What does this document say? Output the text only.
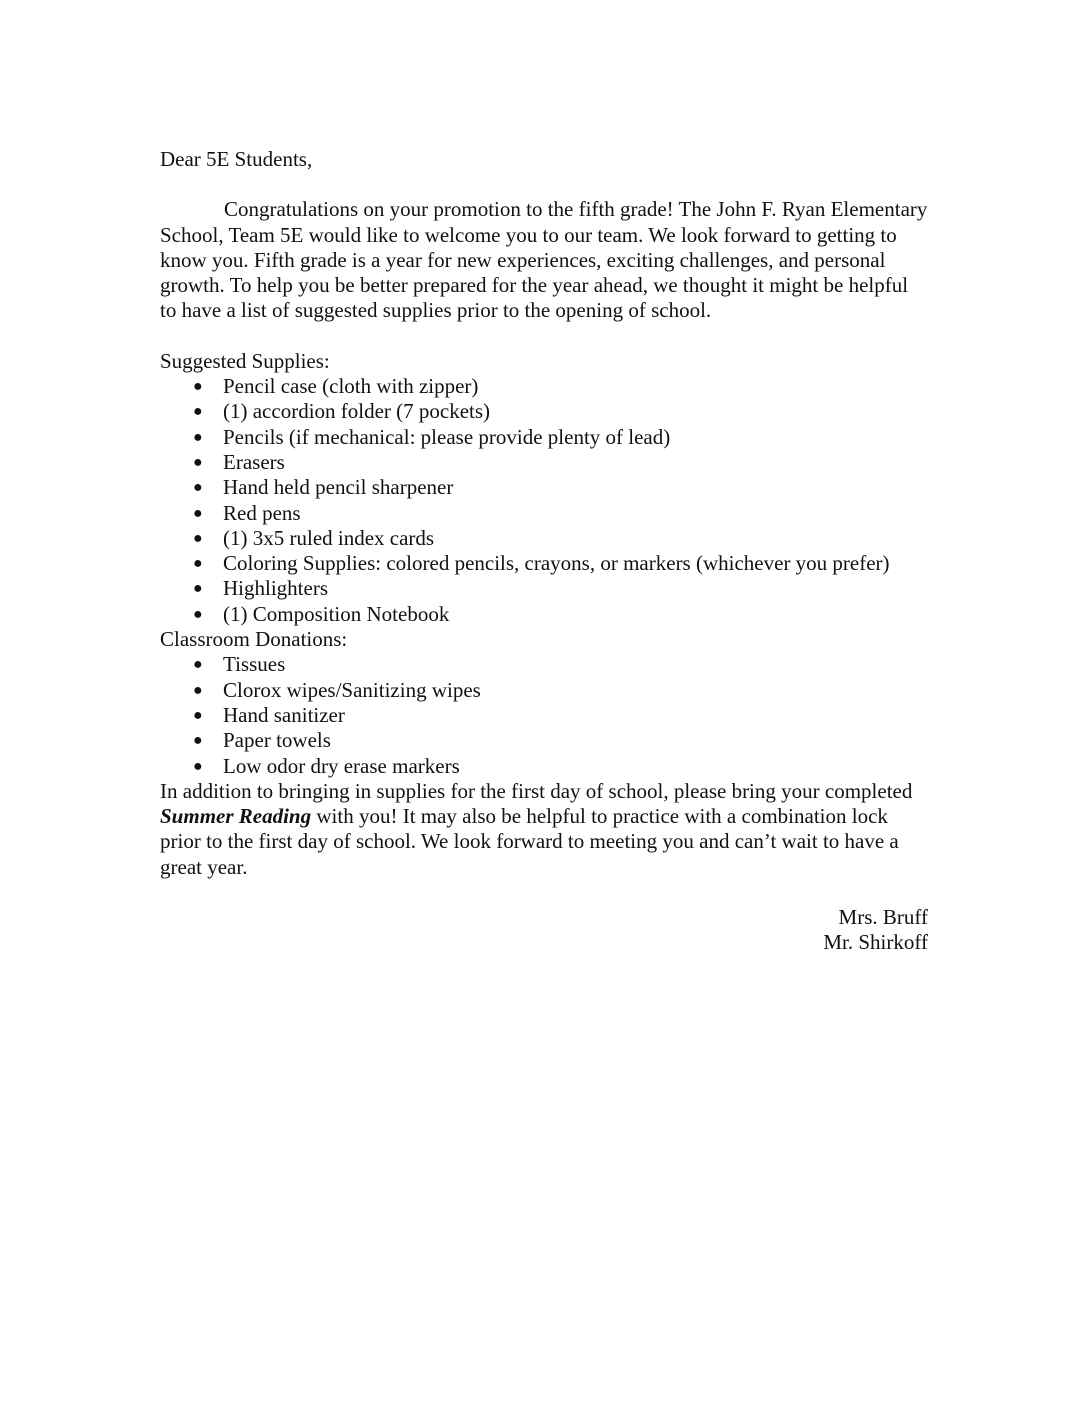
Dear 5E Students,

Congratulations on your promotion to the fifth grade! The John F. Ryan Elementary School, Team 5E would like to welcome you to our team. We look forward to getting to know you. Fifth grade is a year for new experiences, exciting challenges, and personal growth. To help you be better prepared for the year ahead, we thought it might be helpful to have a list of suggested supplies prior to the opening of school.

Suggested Supplies:

● Pencil case (cloth with zipper)
● (1) accordion folder (7 pockets)
● Pencils (if mechanical: please provide plenty of lead)
● Erasers
● Hand held pencil sharpener
● Red pens
● (1) 3x5 ruled index cards
● Coloring Supplies: colored pencils, crayons, or markers (whichever you prefer)
● Highlighters
● (1) Composition Notebook

Classroom Donations:

● Tissues
● Clorox wipes/Sanitizing wipes
● Hand sanitizer
● Paper towels
● Low odor dry erase markers

In addition to bringing in supplies for the first day of school, please bring your completed Summer Reading with you! It may also be helpful to practice with a combination lock prior to the first day of school. We look forward to meeting you and can’t wait to have a great year.

Mrs. Bruff

Mr. Shirkoff
